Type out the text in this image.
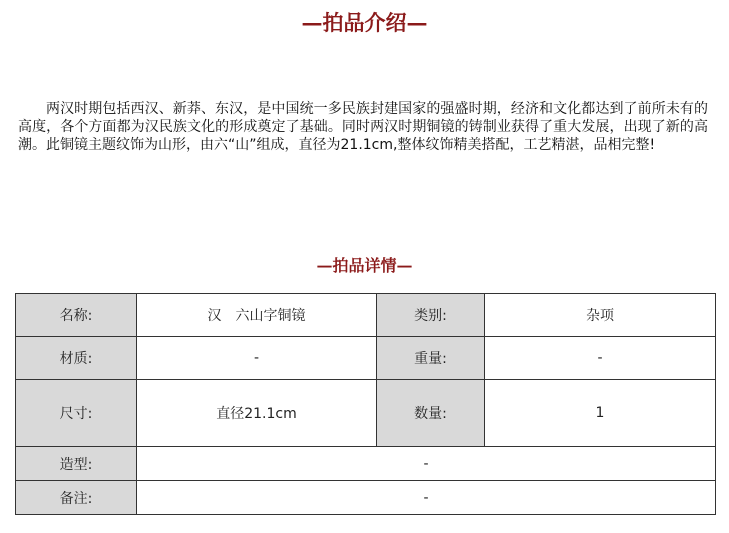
—拍品介绍—

两汉时期包括西汉、新莽、东汉，是中国统一多民族封建国家的强盛时期，经济和文化都达到了前所未有的高度，各个方面都为汉民族文化的形成奠定了基础。同时两汉时期铜镜的铸制业获得了重大发展，出现了新的高潮。此铜镜主题纹饰为山形，由六“山”组成，直径为21.1cm,整体纹饰精美搭配，工艺精湛，品相完整!

—拍品详情—
名称:	汉　六山字铜镜	类别:	杂项
材质:	-	重量:	-
尺寸:	直径21.1cm	数量:	1
造型:	-		
备注:	-		
